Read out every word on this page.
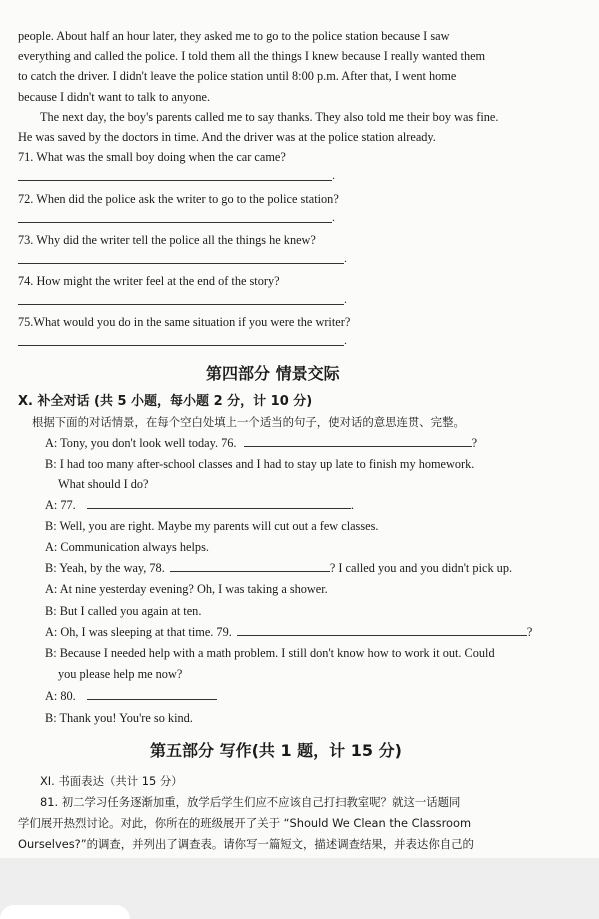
people. About half an hour later, they asked me to go to the police station because I saw
everything and called the police. I told them all the things I knew because I really wanted them
to catch the driver. I didn't leave the police station until 8:00 p.m. After that, I went home
because I didn't want to talk to anyone.
The next day, the boy's parents called me to say thanks. They also told me their boy was fine.
He was saved by the doctors in time. And the driver was at the police station already.
71. What was the small boy doing when the car came?
.
72. When did the police ask the writer to go to the police station?
.
73. Why did the writer tell the police all the things he knew?
.
74. How might the writer feel at the end of the story?
.
75.What would you do in the same situation if you were the writer?
.
第四部分 情景交际
X. 补全对话 (共 5 小题，每小题 2 分，计 10 分)
根据下面的对话情景，在每个空白处填上一个适当的句子，使对话的意思连贯、完整。
A: Tony, you don't look well today. 76.	?
B: I had too many after-school classes and I had to stay up late to finish my homework.
What should I do?
A: 77.	.
B: Well, you are right. Maybe my parents will cut out a few classes.
A: Communication always helps.
B: Yeah, by the way, 78.	? I called you and you didn't pick up.
A: At nine yesterday evening? Oh, I was taking a shower.
B: But I called you again at ten.
A: Oh, I was sleeping at that time. 79.	?
B: Because I needed help with a math problem. I still don't know how to work it out. Could
you please help me now?
A: 80.
B: Thank you! You're so kind.
第五部分 写作(共 1 题，计 15 分)
XI. 书面表达（共计 15 分）
81. 初二学习任务逐渐加重，放学后学生们应不应该自己打扫教室呢？就这一话题同
学们展开热烈讨论。对此，你所在的班级展开了关于 “Should We Clean the Classroom
Ourselves?”的调查，并列出了调查表。请你写一篇短文，描述调查结果，并表达你自己的
